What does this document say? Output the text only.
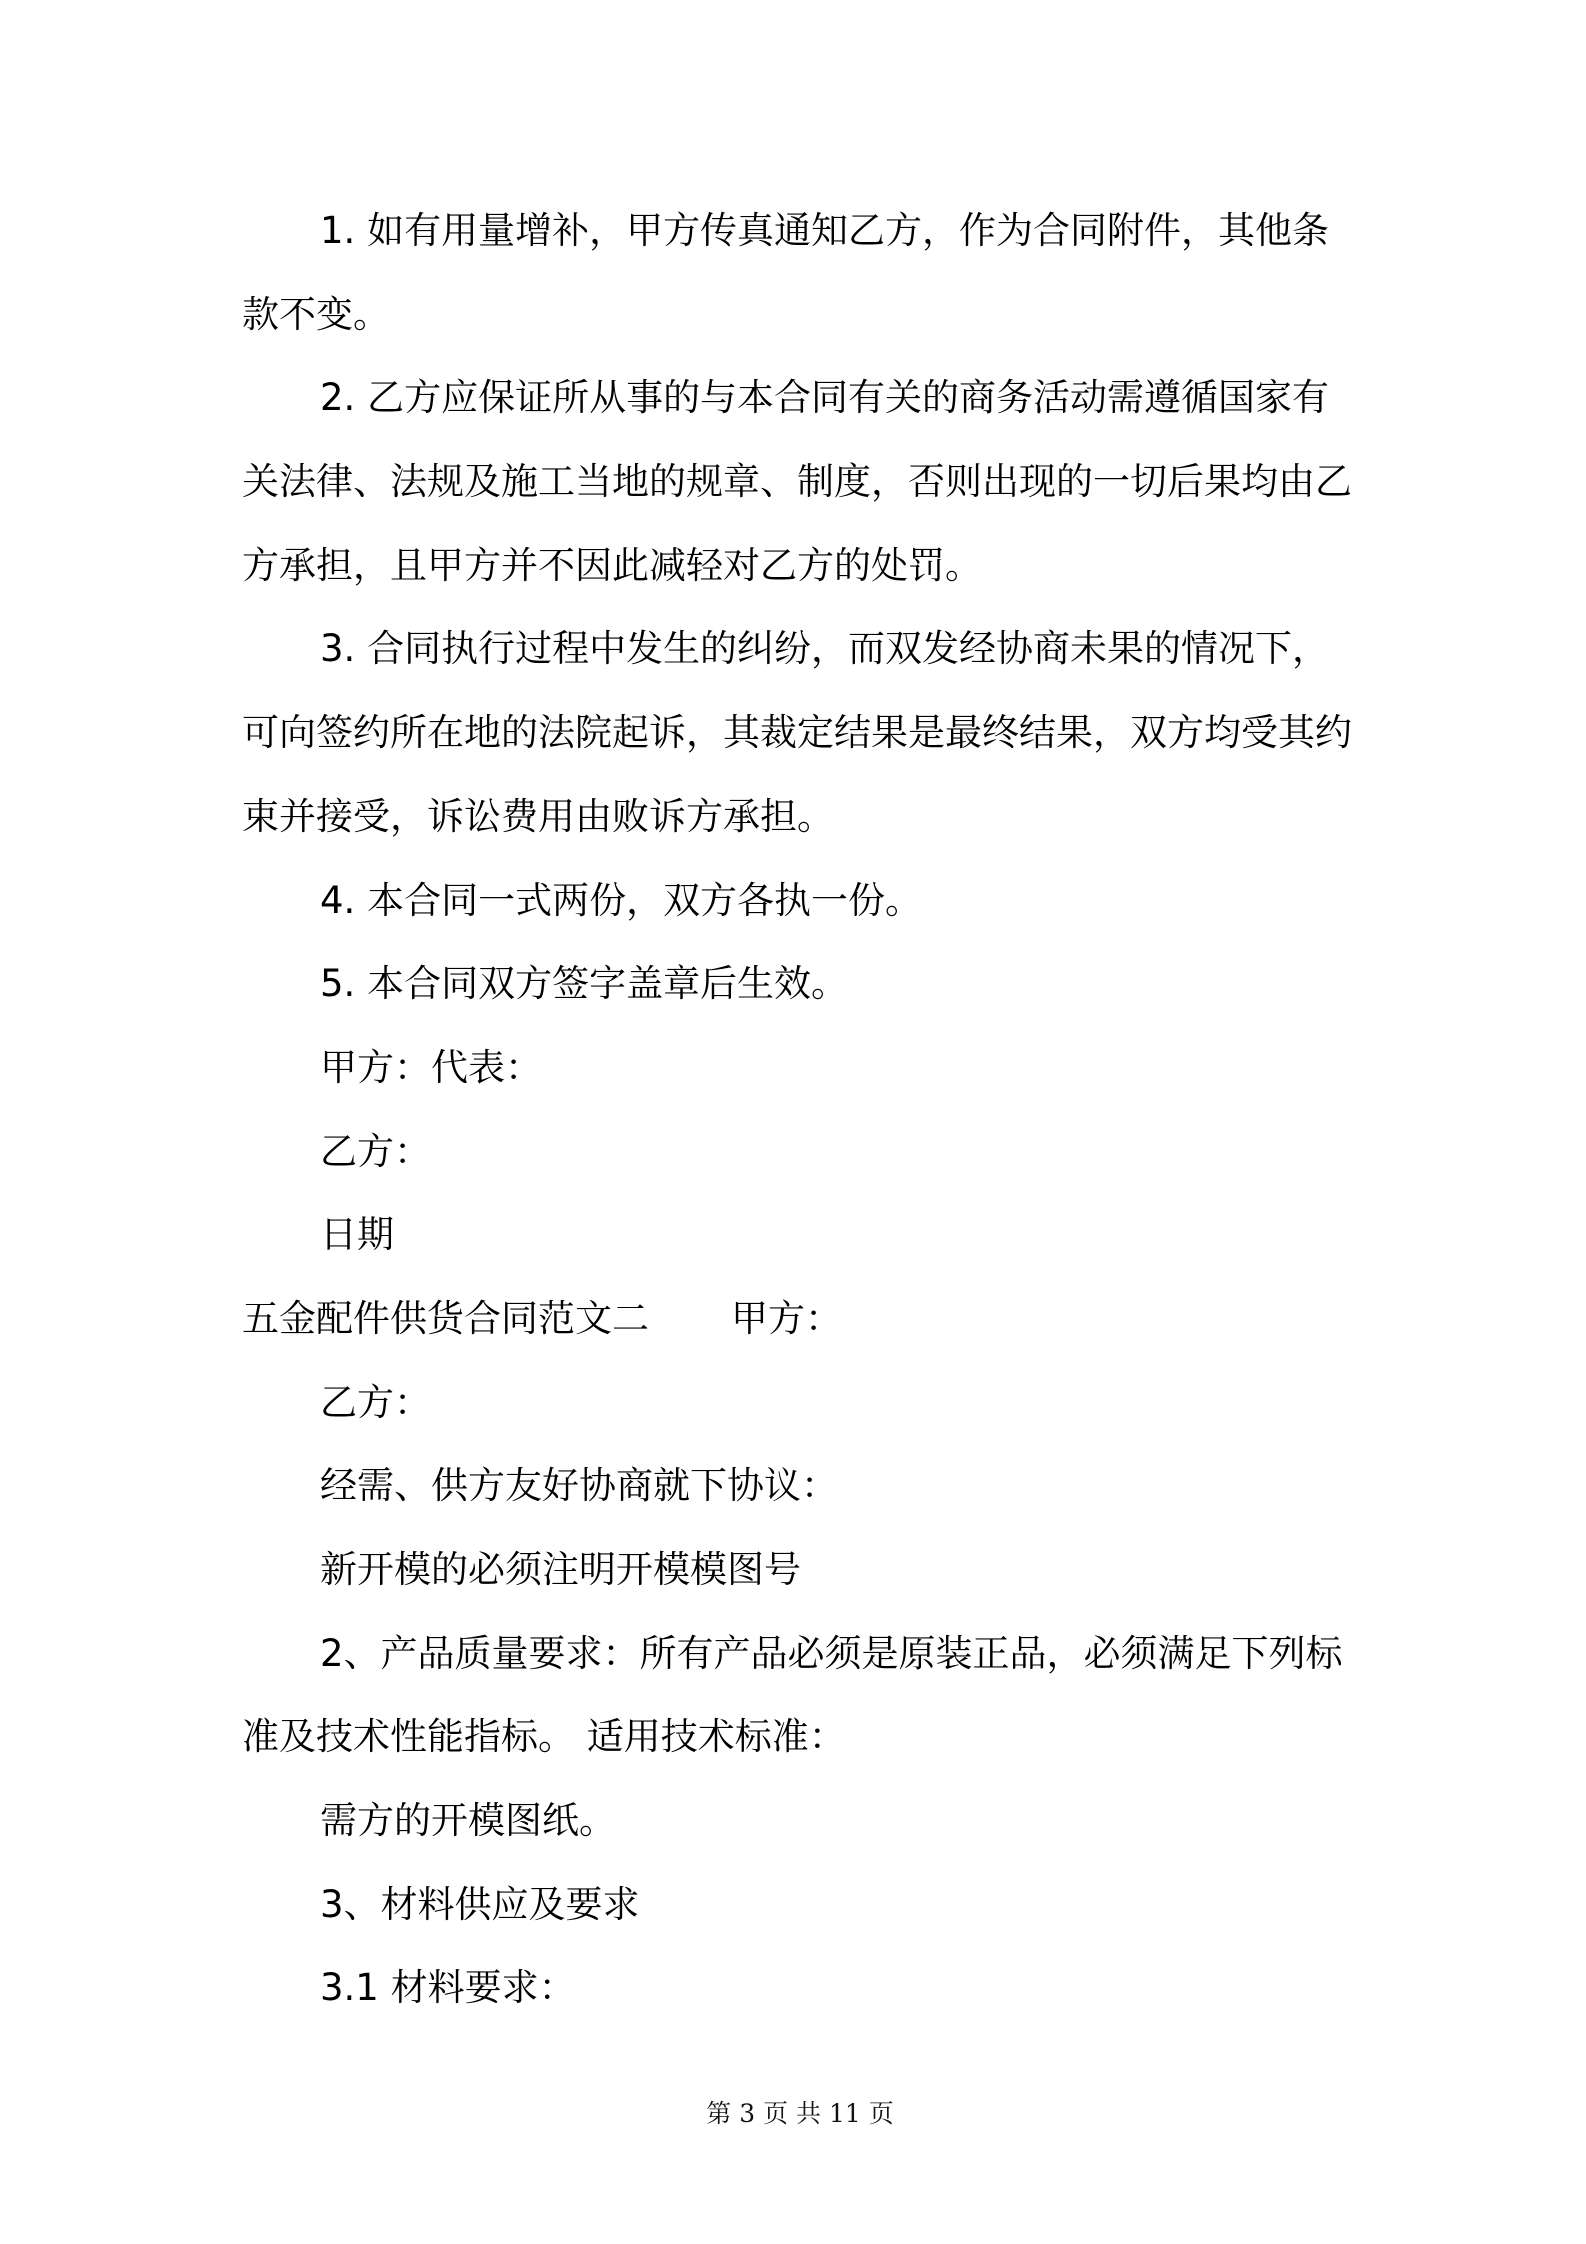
1. 如有用量增补，甲方传真通知乙方，作为合同附件，其他条
款不变。
2. 乙方应保证所从事的与本合同有关的商务活动需遵循国家有
关法律、法规及施工当地的规章、制度，否则出现的一切后果均由乙
方承担，且甲方并不因此减轻对乙方的处罚。
3. 合同执行过程中发生的纠纷，而双发经协商未果的情况下，
可向签约所在地的法院起诉，其裁定结果是最终结果，双方均受其约
束并接受，诉讼费用由败诉方承担。
4. 本合同一式两份，双方各执一份。
5. 本合同双方签字盖章后生效。
甲方：代表：
乙方：
日期
五金配件供货合同范文二 甲方：
乙方：
经需、供方友好协商就下协议：
新开模的必须注明开模模图号
2、产品质量要求：所有产品必须是原装正品，必须满足下列标
准及技术性能指标。 适用技术标准：
需方的开模图纸。
3、材料供应及要求
3.1 材料要求：
第 3 页 共 11 页
